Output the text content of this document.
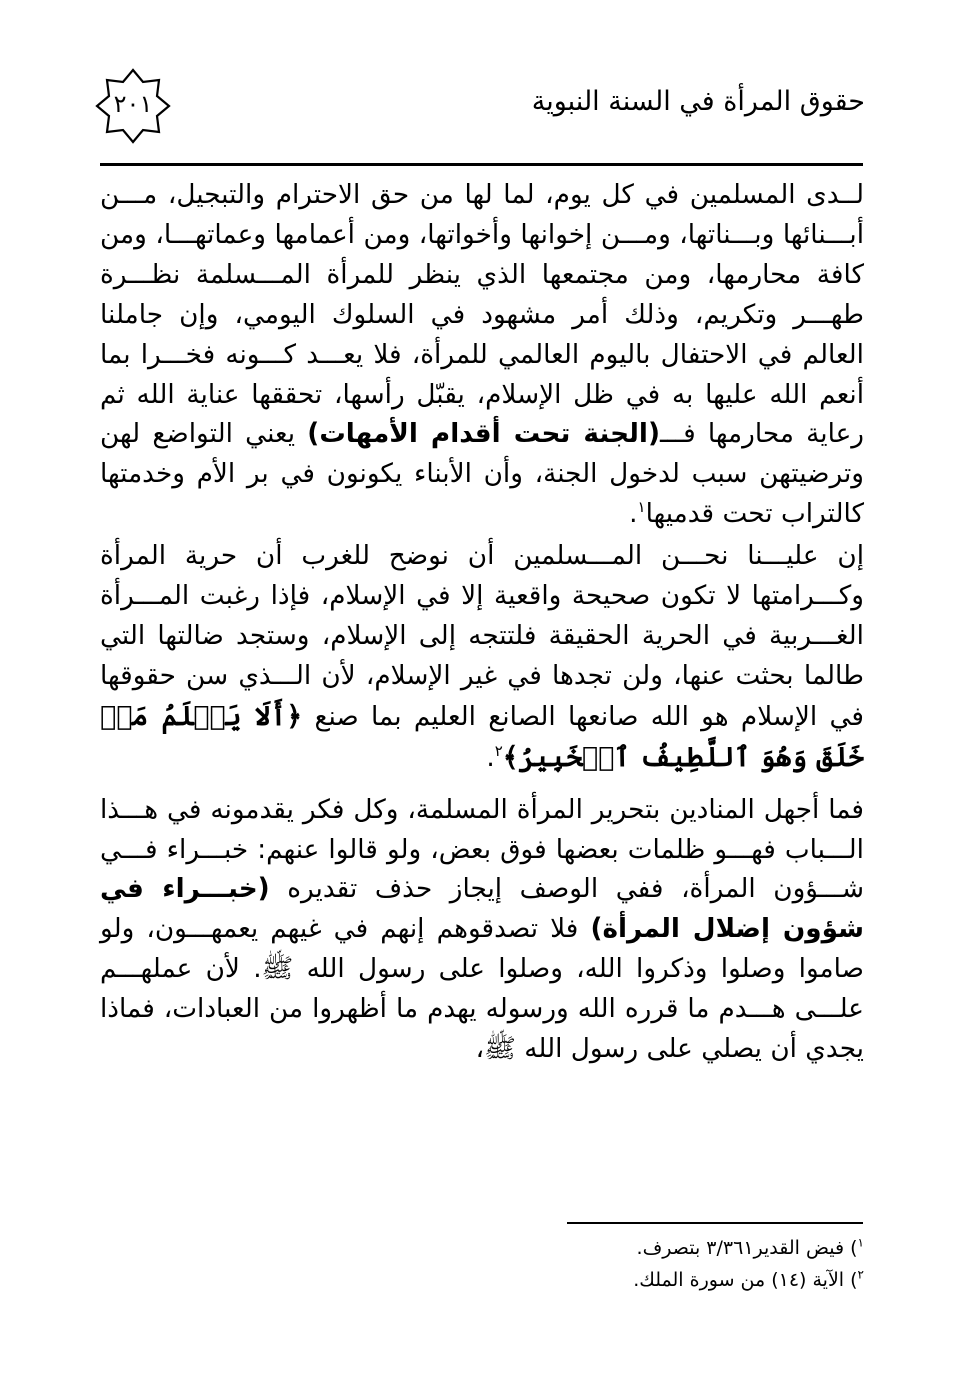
٢٠١	حقوق المرأة في السنة النبوية

لــدى المسلمين في كل يوم، لما لها من حق الاحترام والتبجيل، مـــن أبـــنائها وبـــناتها، ومـــن إخوانها وأخواتها، ومن أعمامها وعماتهـــا، ومن كافة محارمها، ومن مجتمعها الذي ينظر للمرأة المـــسلمة نظـــرة طهـــر وتكريم، وذلك أمر مشهود في السلوك اليومي، وإن جاملنا العالم في الاحتفال باليوم العالمي للمرأة، فلا يعـــد كـــونه فخـــرا بما أنعم الله عليها به في ظل الإسلام، يقبّل رأسها، تحققها عناية الله ثم رعاية محارمها فـــ(الجنة تحت أقدام الأمهات) يعني التواضع لهن وترضيتهن سبب لدخول الجنة، وأن الأبناء يكونون في بر الأم وخدمتها كالتراب تحت قدميها$^١$.

إن عليـــنا نحـــن المـــسلمين أن نوضح للغرب أن حرية المرأة وكـــرامتها لا تكون صحيحة واقعية إلا في الإسلام، فإذا رغبت المـــرأة الغـــربية في الحرية الحقيقة فلتتجه إلى الإسلام، وستجد ضالتها التي طالما بحثت عنها، ولن تجدها في غير الإسلام، لأن الـــذي سن حقوقها في الإسلام هو الله صانعها الصانع العليم بما صنع ﴿أَلَا يَعۡلَمُ مَنۡ خَلَقَ وَهُوَ ٱللَّطِيفُ ٱلۡخَبِيرُ﴾$^٢$.

فما أجهل المنادين بتحرير المرأة المسلمة، وكل فكر يقدمونه في هـــذا الـــباب فهـــو ظلمات بعضها فوق بعض، ولو قالوا عنهم: خبـــراء فـــي شـــؤون المرأة، ففي الوصف إيجاز حذف تقديره (خبـــراء في شؤون إضلال المرأة) فلا تصدقوهم إنهم في غيهم يعمهـــون، ولو صاموا وصلوا وذكروا الله، وصلوا على رسول الله ﷺ. لأن عملهـــم علـــى هـــدم ما قرره الله ورسوله يهدم ما أظهروا من العبادات، فماذا يجدي أن يصلي على رسول الله ﷺ،

$^١$) فيض القدير٣/٣٦١ بتصرف.
$^٢$) الآية (١٤) من سورة الملك.
